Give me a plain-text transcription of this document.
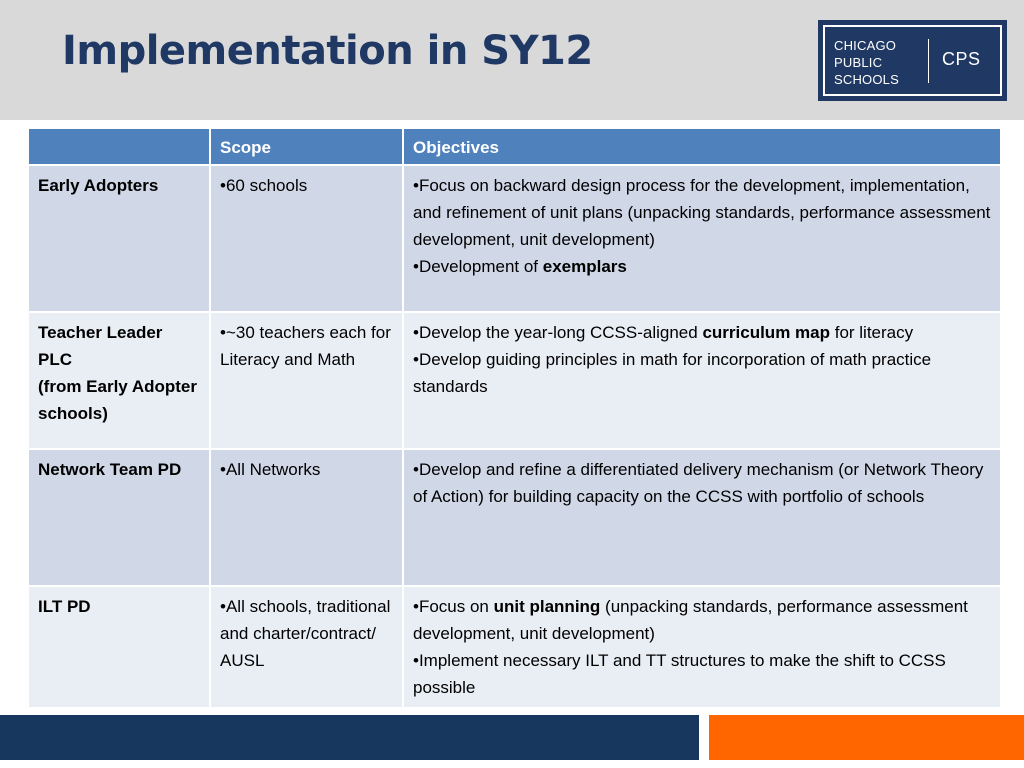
Implementation in SY12	CHICAGO
PUBLIC
SCHOOLS
CPS
	Scope	Objectives
Early Adopters	•60 schools	•Focus on backward design process for the development, implementation, and refinement of unit plans (unpacking standards, performance assessment development, unit development)
•Development of exemplars

Teacher Leader PLC
(from Early Adopter schools)	•~30 teachers each for Literacy and Math	•Develop the year-long CCSS-aligned curriculum map for literacy
•Develop guiding principles in math for incorporation of math practice standards

Network Team PD	•All Networks	•Develop and refine a differentiated delivery mechanism (or Network Theory of Action) for building capacity on the CCSS with portfolio of schools

ILT PD	•All schools, traditional and charter/contract/ AUSL	•Focus on unit planning (unpacking standards, performance assessment development, unit development)
•Implement necessary ILT and TT structures to make the shift to CCSS possible
